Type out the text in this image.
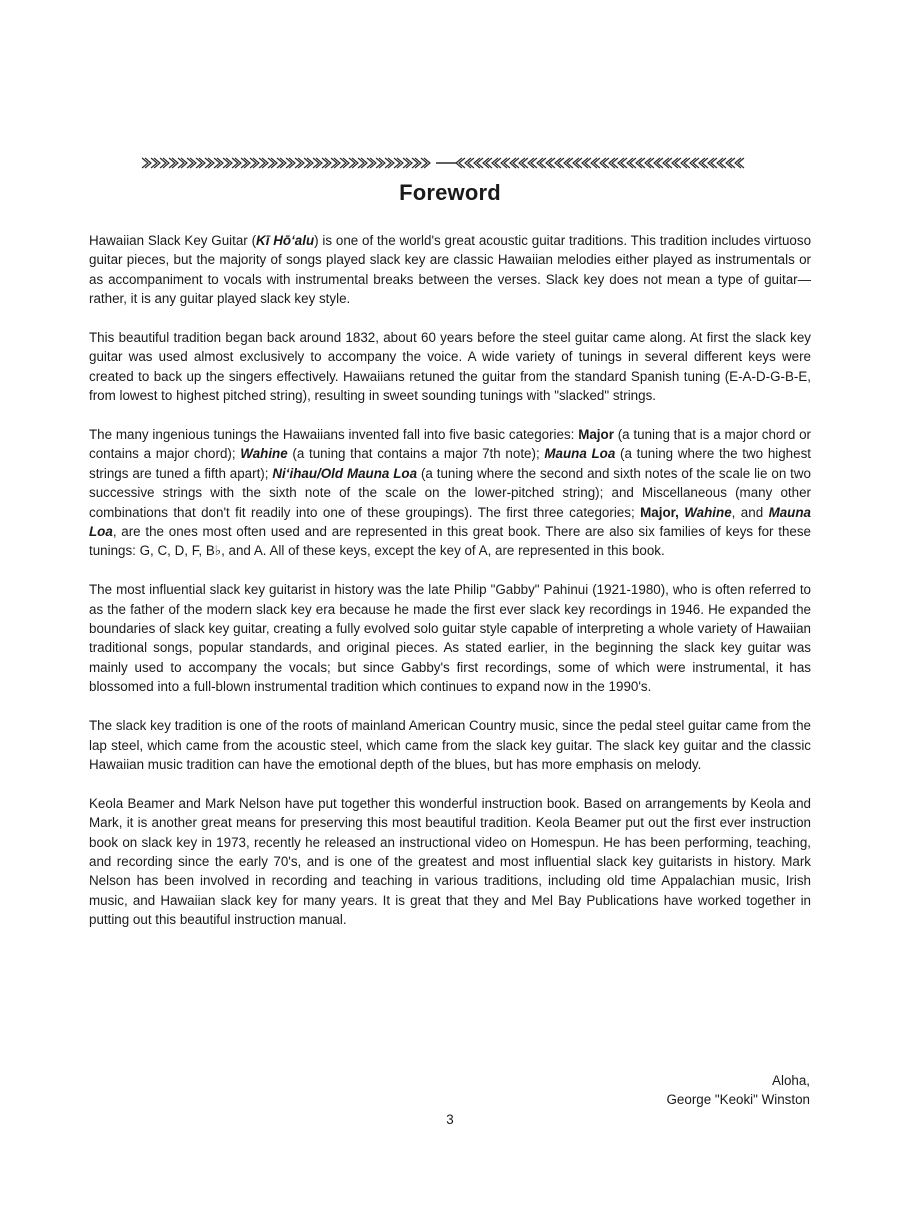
Foreword

Hawaiian Slack Key Guitar (Kī Hō‘alu) is one of the world's great acoustic guitar traditions. This tradition includes virtuoso guitar pieces, but the majority of songs played slack key are classic Hawaiian melodies either played as instrumentals or as accompaniment to vocals with instrumental breaks between the verses. Slack key does not mean a type of guitar—rather, it is any guitar played slack key style.

This beautiful tradition began back around 1832, about 60 years before the steel guitar came along. At first the slack key guitar was used almost exclusively to accompany the voice. A wide variety of tunings in several different keys were created to back up the singers effectively. Hawaiians retuned the guitar from the standard Spanish tuning (E-A-D-G-B-E, from lowest to highest pitched string), resulting in sweet sounding tunings with "slacked" strings.

The many ingenious tunings the Hawaiians invented fall into five basic categories: Major (a tuning that is a major chord or contains a major chord); Wahine (a tuning that contains a major 7th note); Mauna Loa (a tuning where the two highest strings are tuned a fifth apart); Ni‘ihau/Old Mauna Loa (a tuning where the second and sixth notes of the scale lie on two successive strings with the sixth note of the scale on the lower-pitched string); and Miscellaneous (many other combinations that don't fit readily into one of these groupings). The first three categories; Major, Wahine, and Mauna Loa, are the ones most often used and are represented in this great book. There are also six families of keys for these tunings: G, C, D, F, B♭, and A. All of these keys, except the key of A, are represented in this book.

The most influential slack key guitarist in history was the late Philip "Gabby" Pahinui (1921-1980), who is often referred to as the father of the modern slack key era because he made the first ever slack key recordings in 1946. He expanded the boundaries of slack key guitar, creating a fully evolved solo guitar style capable of interpreting a whole variety of Hawaiian traditional songs, popular standards, and original pieces. As stated earlier, in the beginning the slack key guitar was mainly used to accompany the vocals; but since Gabby's first recordings, some of which were instrumental, it has blossomed into a full-blown instrumental tradition which continues to expand now in the 1990's.

The slack key tradition is one of the roots of mainland American Country music, since the pedal steel guitar came from the lap steel, which came from the acoustic steel, which came from the slack key guitar. The slack key guitar and the classic Hawaiian music tradition can have the emotional depth of the blues, but has more emphasis on melody.

Keola Beamer and Mark Nelson have put together this wonderful instruction book. Based on arrangements by Keola and Mark, it is another great means for preserving this most beautiful tradition. Keola Beamer put out the first ever instruction book on slack key in 1973, recently he released an instructional video on Homespun. He has been performing, teaching, and recording since the early 70's, and is one of the greatest and most influential slack key guitarists in history. Mark Nelson has been involved in recording and teaching in various traditions, including old time Appalachian music, Irish music, and Hawaiian slack key for many years. It is great that they and Mel Bay Publications have worked together in putting out this beautiful instruction manual.

Aloha,
George "Keoki" Winston
3
